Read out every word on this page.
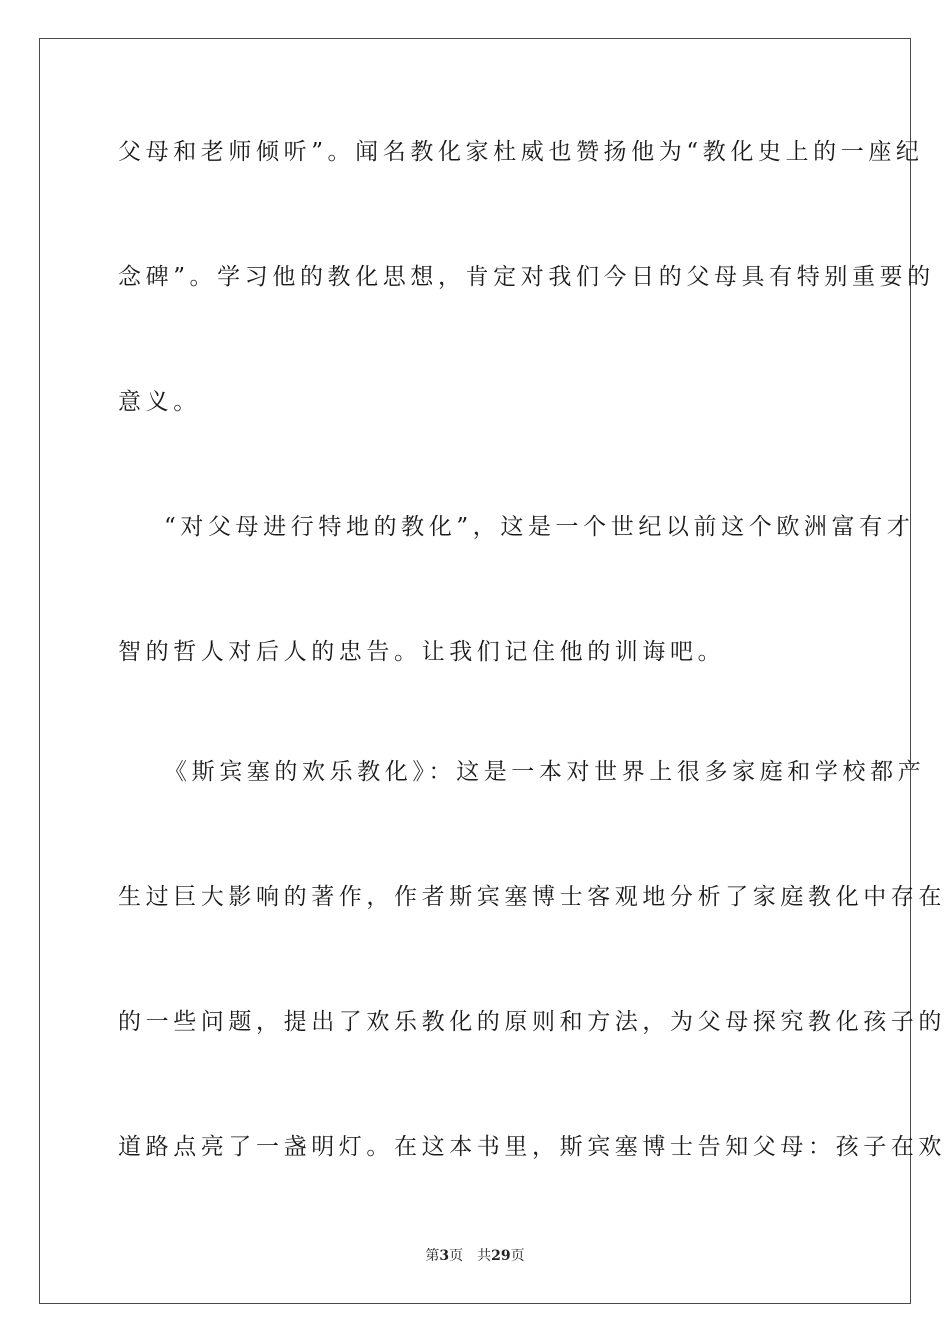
父母和老师倾听”。闻名教化家杜威也赞扬他为“教化史上的一座纪
念碑”。学习他的教化思想，肯定对我们今日的父母具有特别重要的
意义。
“对父母进行特地的教化”，这是一个世纪以前这个欧洲富有才
智的哲人对后人的忠告。让我们记住他的训诲吧。
《斯宾塞的欢乐教化》：这是一本对世界上很多家庭和学校都产
生过巨大影响的著作，作者斯宾塞博士客观地分析了家庭教化中存在
的一些问题，提出了欢乐教化的原则和方法，为父母探究教化孩子的
道路点亮了一盏明灯。在这本书里，斯宾塞博士告知父母：孩子在欢
第3页 共29页
